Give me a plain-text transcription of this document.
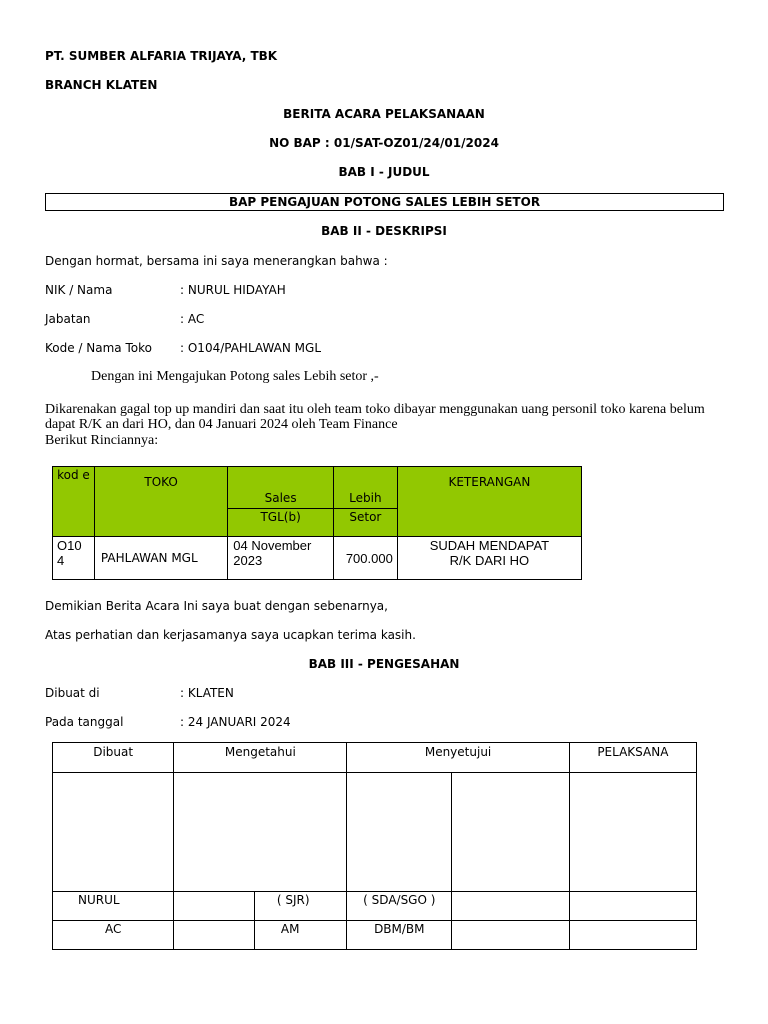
PT. SUMBER ALFARIA TRIJAYA, TBK
BRANCH KLATEN
BERITA ACARA PELAKSANAAN
NO BAP : 01/SAT-OZ01/24/01/2024
BAB I - JUDUL
BAP PENGAJUAN POTONG SALES LEBIH SETOR
BAB II - DESKRIPSI
Dengan hormat, bersama ini saya menerangkan bahwa :
NIK / Nama	: NURUL HIDAYAH
Jabatan	: AC
Kode / Nama Toko : O104/PAHLAWAN MGL
Dengan ini Mengajukan Potong sales Lebih setor ,-
Dikarenakan gagal top up mandiri dan saat itu oleh team toko dibayar menggunakan uang personil toko karena belum
dapat R/K an dari HO, dan 04 Januari 2024 oleh Team Finance
Berikut Rinciannya:
kod e	TOKO	Sales	Lebih	KETERANGAN
		TGL(b)	Setor	
O10 4	PAHLAWAN MGL	04 November 2023	700.000	SUDAH MENDAPAT R/K DARI HO
Demikian Berita Acara Ini saya buat dengan sebenarnya,
Atas perhatian dan kerjasamanya saya ucapkan terima kasih.
BAB III - PENGESAHAN
Dibuat di	: KLATEN
Pada tanggal	: 24 JANUARI 2024
Dibuat	Mengetahui		Menyetujui		PELAKSANA

NURUL		( SJR)	( SDA/SGO )		
AC		AM	DBM/BM		
